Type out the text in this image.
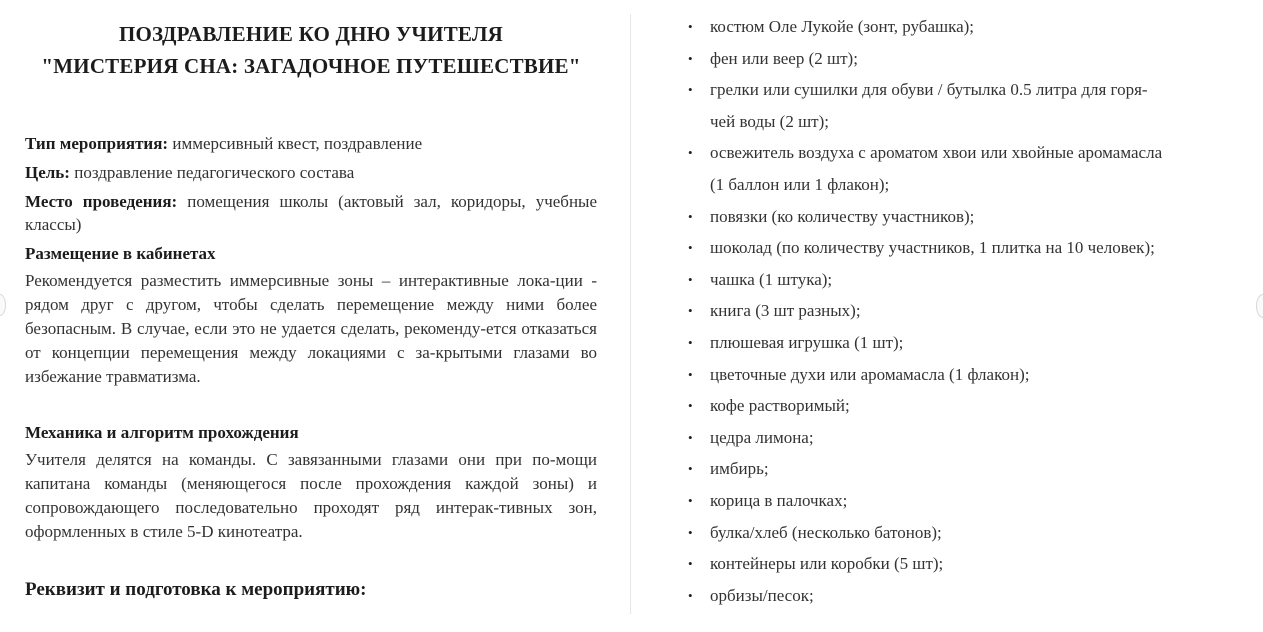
ПОЗДРАВЛЕНИЕ КО ДНЮ УЧИТЕЛЯ

"МИСТЕРИЯ СНА: ЗАГАДОЧНОЕ ПУТЕШЕСТВИЕ"

Тип мероприятия: иммерсивный квест, поздравление

Цель: поздравление педагогического состава

Место проведения: помещения школы (актовый зал, коридоры, учебные классы)

Размещение в кабинетах

Рекомендуется разместить иммерсивные зоны – интерактивные лока-ции - рядом друг с другом, чтобы сделать перемещение между ними более безопасным. В случае, если это не удается сделать, рекоменду-ется отказаться от концепции перемещения между локациями с за-крытыми глазами во избежание травматизма.

Механика и алгоритм прохождения

Учителя делятся на команды. С завязанными глазами они при по-мощи капитана команды (меняющегося после прохождения каждой зоны) и сопровождающего последовательно проходят ряд интерак-тивных зон, оформленных в стиле 5-D кинотеатра.

Реквизит и подготовка к мероприятию:

• костюм Оле Лукойе (зонт, рубашка);
• фен или веер (2 шт);
• грелки или сушилки для обуви / бутылка 0.5 литра для горя-
чей воды (2 шт);
• освежитель воздуха с ароматом хвои или хвойные аромамасла
(1 баллон или 1 флакон);
• повязки (ко количеству участников);
• шоколад (по количеству участников, 1 плитка на 10 человек);
• чашка (1 штука);
• книга (3 шт разных);
• плюшевая игрушка (1 шт);
• цветочные духи или аромамасла (1 флакон);
• кофе растворимый;
• цедра лимона;
• имбирь;
• корица в палочках;
• булка/хлеб (несколько батонов);
• контейнеры или коробки (5 шт);
• орбизы/песок;
